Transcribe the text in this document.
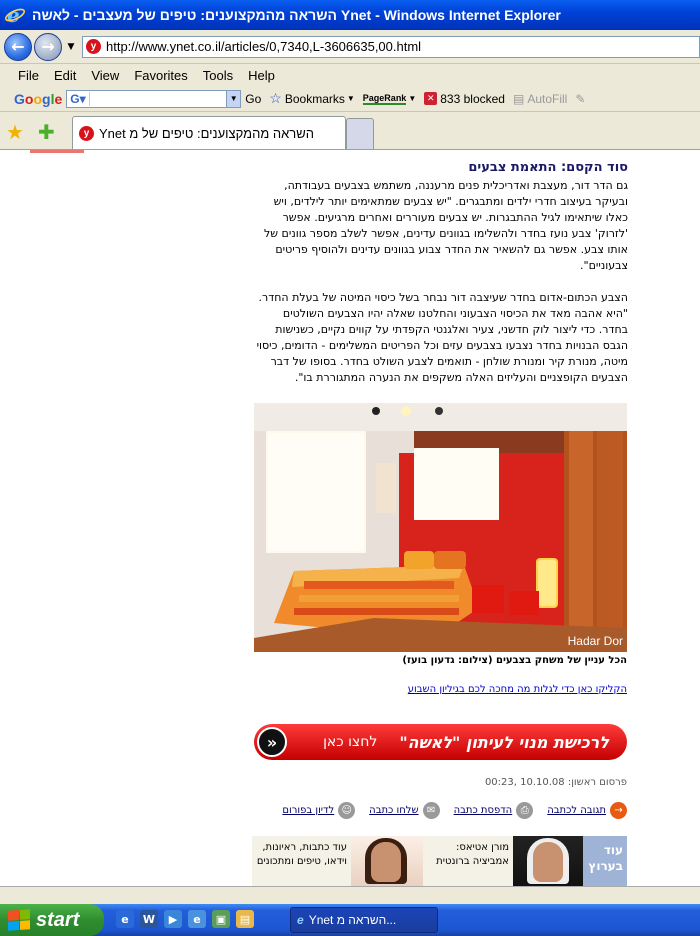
e השראה מהמקצוענים: טיפים של מעצבים - לאשה Ynet - Windows Internet Explorer
← →	▼	y http://www.ynet.co.il/articles/0,7340,L-3606635,00.html
File Edit View Favorites Tools Help
Google G▾	▼ Go ☆ Bookmarks ▼ PageRank ▼	✕ 833 blocked ▤ AutoFill ✎
★ ✚	y השראה מהמקצוענים: טיפים של מ Ynet
סוד הקסם: התאמת צבעים

גם הדר דור, מעצבת ואדריכלית פנים מרעננה, משתמש בצבעים בעבודתה, ובעיקר בעיצוב חדרי ילדים ומתבגרים. "יש צבעים שמתאימים יותר לילדים, ויש כאלו שיתאימו לגיל ההתבגרות. יש צבעים מעוררים ואחרים מרגיעים. אפשר 'לזרוק' צבע נועז בחדר ולהשלימו בגוונים עדינים, אפשר לשלב מספר גוונים של אותו צבע. אפשר גם להשאיר את החדר צבוע בגוונים עדינים ולהוסיף פריטים צבעוניים".

הצבע הכתום-אדום בחדר שעיצבה דור נבחר בשל כיסוי המיטה של בעלת החדר. "היא אהבה מאד את הכיסוי הצבעוני והחלטנו שאלה יהיו הצבעים השולטים בחדר. כדי ליצור לוק חדשני, צעיר ואלגנטי הקפדתי על קווים נקיים, כשנישות הגבס הבנויות בחדר נצבעו בצבעים עזים וכל הפריטים המשלימים - הדומים, כיסוי מיטה, מנורת קיר ומנורת שולחן - תואמים לצבע השולט בחדר. בסופו של דבר הצבעים הקופצניים והעליזים האלה משקפים את הנערה המתגוררת בו".

Hadar Dor
הכל עניין של משחק בצבעים (צילום: גדעון בועז)
הקליקו כאן כדי לגלות מה מחכה לכם בגיליון השבוע
לרכישת מנוי לעיתון "לאשה"
לחצו כאן
«
פרסום ראשון: 10.10.08 ,00:23
→
תגובה לכתבה
⎙
הדפסת כתבה
✉
שלחו כתבה
☺
לדיון בפורום
עוד בערוץ
מורן אטיאס: אמביציה ברונטית
עוד כתבות, ראיונות, וידאו, טיפים ומתכונים
start	e	W	▶	e	▣	▤	e Ynet השראה מ...
